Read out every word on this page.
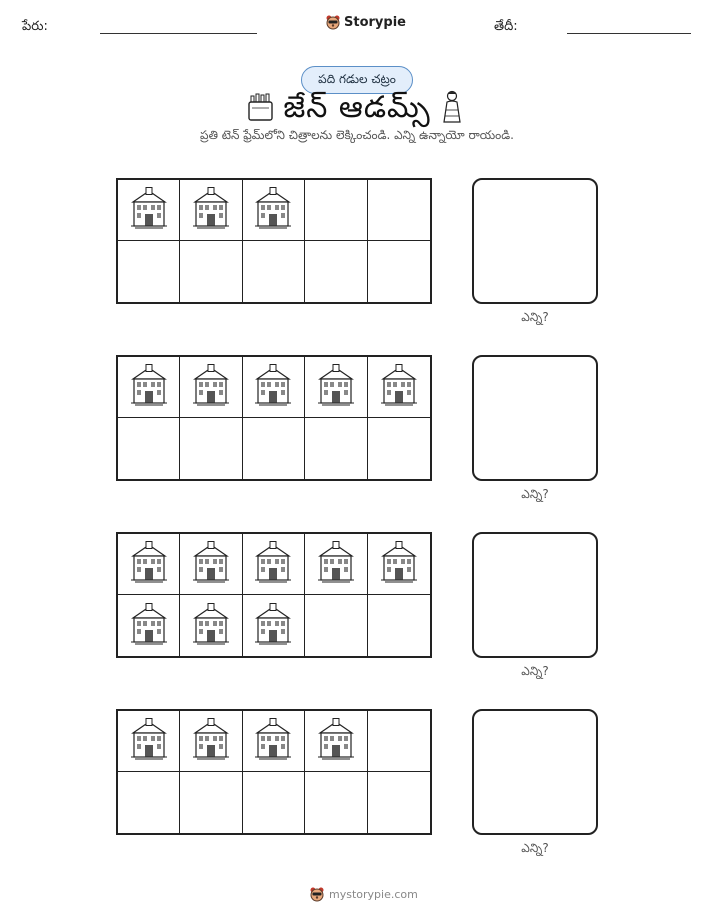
పేరు:	Storypie	తేదీ:
పది గడుల చట్రం
జేన్ ఆడమ్స్
ప్రతి టెన్ ఫ్రేమ్‌లోని చిత్రాలను లెక్కించండి. ఎన్ని ఉన్నాయో రాయండి.
ఎన్ని?
ఎన్ని?
ఎన్ని?
ఎన్ని?
mystorypie.com
